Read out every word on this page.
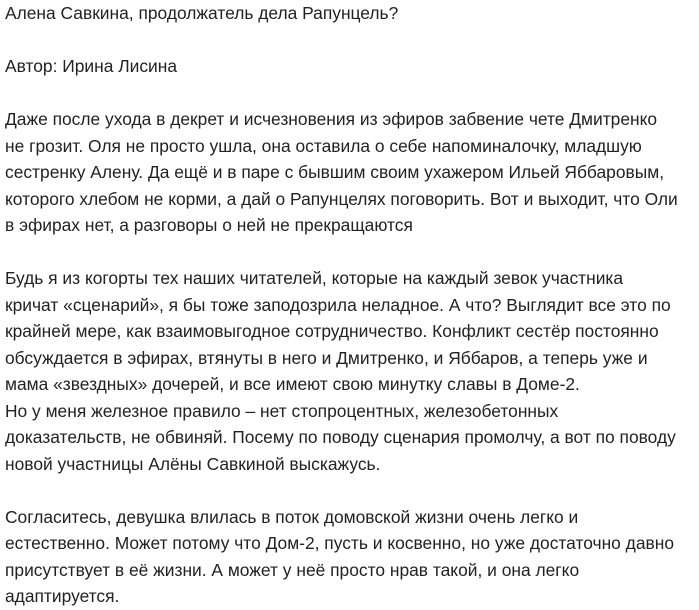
Алена Савкина, продолжатель дела Рапунцель?

Автор: Ирина Лисина

Даже после ухода в декрет и исчезновения из эфиров забвение чете Дмитренко

не грозит. Оля не просто ушла, она оставила о себе напоминалочку, младшую

сестренку Алену. Да ещё и в паре с бывшим своим ухажером Ильей Яббаровым,

которого хлебом не корми, а дай о Рапунцелях поговорить. Вот и выходит, что Оли

в эфирах нет, а разговоры о ней не прекращаются

Будь я из когорты тех наших читателей, которые на каждый зевок участника

кричат «сценарий», я бы тоже заподозрила неладное. А что? Выглядит все это по

крайней мере, как взаимовыгодное сотрудничество. Конфликт сестёр постоянно

обсуждается в эфирах, втянуты в него и Дмитренко, и Яббаров, а теперь уже и

мама «звездных» дочерей, и все имеют свою минутку славы в Доме-2.

Но у меня железное правило – нет стопроцентных, железобетонных

доказательств, не обвиняй. Посему по поводу сценария промолчу, а вот по поводу

новой участницы Алёны Савкиной выскажусь.

Согласитесь, девушка влилась в поток домовской жизни очень легко и

естественно. Может потому что Дом-2, пусть и косвенно, но уже достаточно давно

присутствует в её жизни. А может у неё просто нрав такой, и она легко

адаптируется.
